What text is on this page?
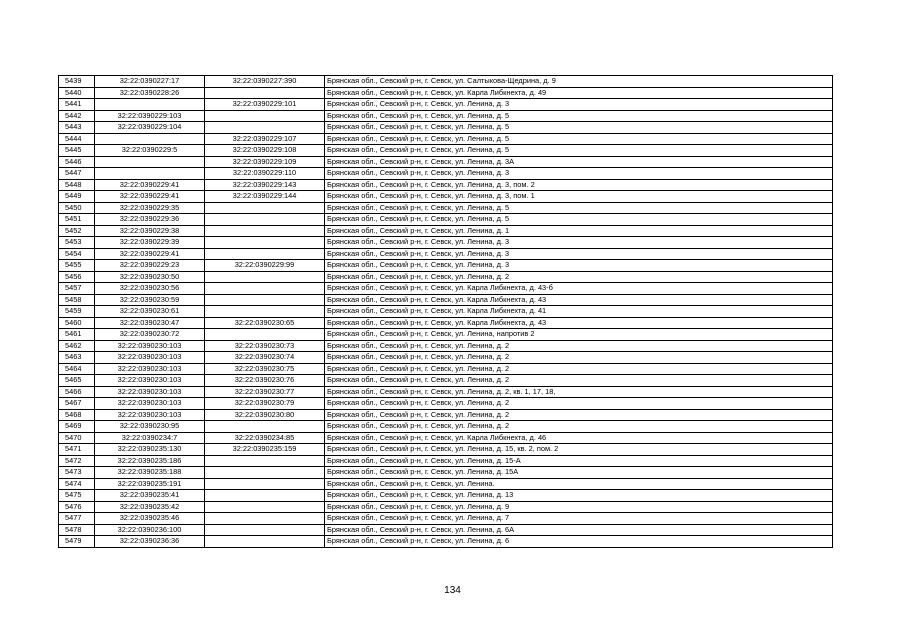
5439	32:22:0390227:17	32:22:0390227:390	Брянская обл., Севский р-н, г. Севск, ул. Салтыкова-Щедрина, д. 9
5440	32:22:0390228:26		Брянская обл., Севский р-н, г. Севск, ул. Карла Либкнехта, д. 49
5441		32:22:0390229:101	Брянская обл., Севский р-н, г. Севск, ул. Ленина, д. 3
5442	32:22:0390229:103		Брянская обл., Севский р-н, г. Севск, ул. Ленина, д. 5
5443	32:22:0390229:104		Брянская обл., Севский р-н, г. Севск, ул. Ленина, д. 5
5444		32:22:0390229:107	Брянская обл., Севский р-н, г. Севск, ул. Ленина, д. 5
5445	32:22:0390229:5	32:22:0390229:108	Брянская обл., Севский р-н, г. Севск, ул. Ленина, д. 5
5446		32:22:0390229:109	Брянская обл., Севский р-н, г. Севск, ул. Ленина, д. 3А
5447		32:22:0390229:110	Брянская обл., Севский р-н, г. Севск, ул. Ленина, д. 3
5448	32:22:0390229:41	32:22:0390229:143	Брянская обл., Севский р-н, г. Севск, ул. Ленина, д. 3, пом. 2
5449	32:22:0390229:41	32:22:0390229:144	Брянская обл., Севский р-н, г. Севск, ул. Ленина, д. 3, пом. 1
5450	32:22:0390229:35		Брянская обл., Севский р-н, г. Севск, ул. Ленина, д. 5
5451	32:22:0390229:36		Брянская обл., Севский р-н, г. Севск, ул. Ленина, д. 5
5452	32:22:0390229:38		Брянская обл., Севский р-н, г. Севск, ул. Ленина, д. 1
5453	32:22:0390229:39		Брянская обл., Севский р-н, г. Севск, ул. Ленина, д. 3
5454	32:22:0390229:41		Брянская обл., Севский р-н, г. Севск, ул. Ленина, д. 3
5455	32:22:0390229:23	32:22:0390229:99	Брянская обл., Севский р-н, г. Севск, ул. Ленина, д. 3
5456	32:22:0390230:50		Брянская обл., Севский р-н, г. Севск, ул. Ленина, д. 2
5457	32:22:0390230:56		Брянская обл., Севский р-н, г. Севск, ул. Карла Либкнехта, д. 43-б
5458	32:22:0390230:59		Брянская обл., Севский р-н, г. Севск, ул. Карла Либкнехта, д. 43
5459	32:22:0390230:61		Брянская обл., Севский р-н, г. Севск, ул. Карла Либкнехта, д. 41
5460	32:22:0390230:47	32:22:0390230:65	Брянская обл., Севский р-н, г. Севск, ул. Карла Либкнехта, д. 43
5461	32:22:0390230:72		Брянская обл., Севский р-н, г. Севск, ул. Ленина, напротив 2
5462	32:22:0390230:103	32:22:0390230:73	Брянская обл., Севский р-н, г. Севск, ул. Ленина, д. 2
5463	32:22:0390230:103	32:22:0390230:74	Брянская обл., Севский р-н, г. Севск, ул. Ленина, д. 2
5464	32:22:0390230:103	32:22:0390230:75	Брянская обл., Севский р-н, г. Севск, ул. Ленина, д. 2
5465	32:22:0390230:103	32:22:0390230:76	Брянская обл., Севский р-н, г. Севск, ул. Ленина, д. 2
5466	32:22:0390230:103	32:22:0390230:77	Брянская обл., Севский р-н, г. Севск, ул. Ленина, д. 2, кв. 1, 17, 18,
5467	32:22:0390230:103	32:22:0390230:79	Брянская обл., Севский р-н, г. Севск, ул. Ленина, д. 2
5468	32:22:0390230:103	32:22:0390230:80	Брянская обл., Севский р-н, г. Севск, ул. Ленина, д. 2
5469	32:22:0390230:95		Брянская обл., Севский р-н, г. Севск, ул. Ленина, д. 2
5470	32:22:0390234:7	32:22:0390234:85	Брянская обл., Севский р-н, г. Севск, ул. Карла Либкнехта, д. 46
5471	32:22:0390235:130	32:22:0390235:159	Брянская обл., Севский р-н, г. Севск, ул. Ленина, д. 15, кв. 2, пом. 2
5472	32:22:0390235:186		Брянская обл., Севский р-н, г. Севск, ул. Ленина, д. 15-А
5473	32:22:0390235:188		Брянская обл., Севский р-н, г. Севск, ул. Ленина, д. 15А
5474	32:22:0390235:191		Брянская обл., Севский р-н, г. Севск, ул. Ленина.
5475	32:22:0390235:41		Брянская обл., Севский р-н, г. Севск, ул. Ленина, д. 13
5476	32:22:0390235:42		Брянская обл., Севский р-н, г. Севск, ул. Ленина, д. 9
5477	32:22:0390235:46		Брянская обл., Севский р-н, г. Севск, ул. Ленина, д. 7
5478	32:22:0390236:100		Брянская обл., Севский р-н, г. Севск, ул. Ленина, д. 6А
5479	32:22:0390236:36		Брянская обл., Севский р-н, г. Севск, ул. Ленина, д. 6
134
